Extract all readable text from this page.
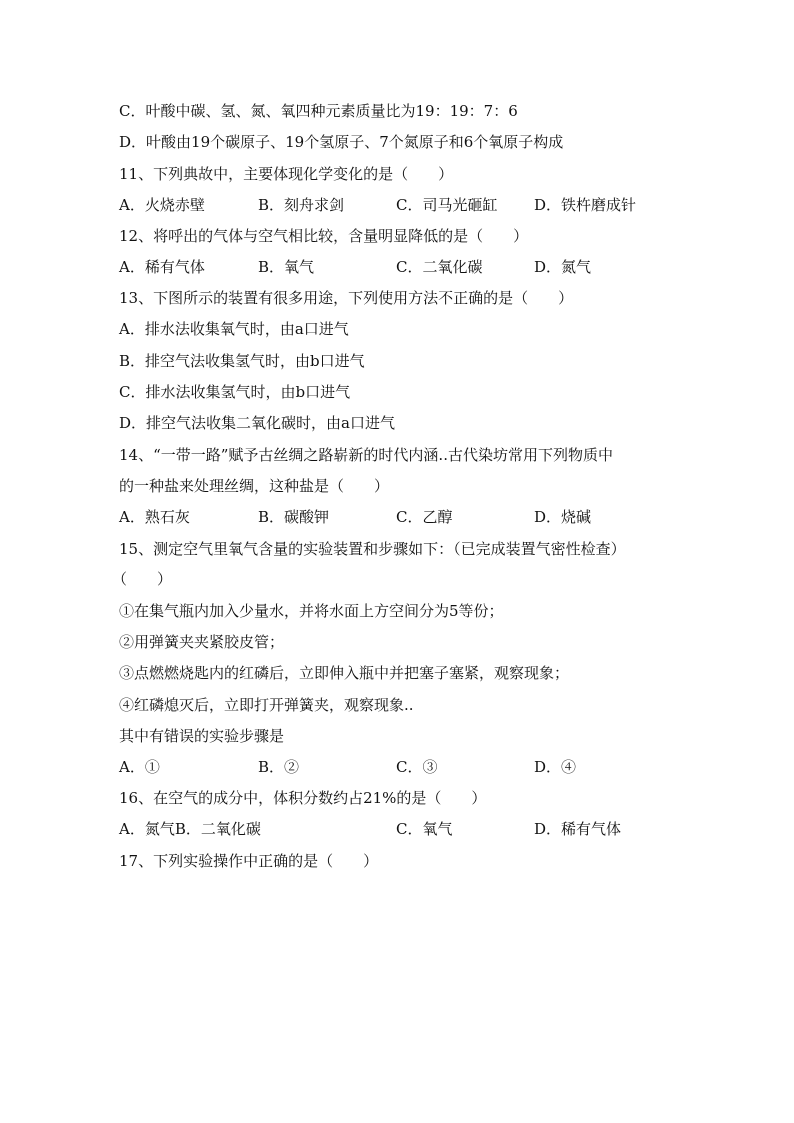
C．叶酸中碳、氢、氮、氧四种元素质量比为19：19：7：6
D．叶酸由19个碳原子、19个氢原子、7个氮原子和6个氧原子构成
11、下列典故中，主要体现化学变化的是（　　）
A．火烧赤壁	B．刻舟求剑	C．司马光砸缸 D．铁杵磨成针
12、将呼出的气体与空气相比较，含量明显降低的是（　　）
A．稀有气体	B．氧气	C．二氧化碳	D．氮气
13、下图所示的装置有很多用途，下列使用方法不正确的是（　　）
A．排水法收集氧气时，由a口进气
B．排空气法收集氢气时，由b口进气
C．排水法收集氢气时，由b口进气
D．排空气法收集二氧化碳时，由a口进气
14、“一带一路”赋予古丝绸之路崭新的时代内涵..古代染坊常用下列物质中
的一种盐来处理丝绸，这种盐是（　　）
A．熟石灰	B．碳酸钾	C．乙醇	D．烧碱
15、测定空气里氧气含量的实验装置和步骤如下：（已完成装置气密性检查）
（　　）
①在集气瓶内加入少量水，并将水面上方空间分为5等份；
②用弹簧夹夹紧胶皮管；
③点燃燃烧匙内的红磷后，立即伸入瓶中并把塞子塞紧，观察现象；
④红磷熄灭后，立即打开弹簧夹，观察现象..
其中有错误的实验步骤是
A．①	B．②	C．③	D．④
16、在空气的成分中，体积分数约占21%的是（　　）
A．氮气B．二氧化碳	C．氧气	D．稀有气体
17、下列实验操作中正确的是（　　）
